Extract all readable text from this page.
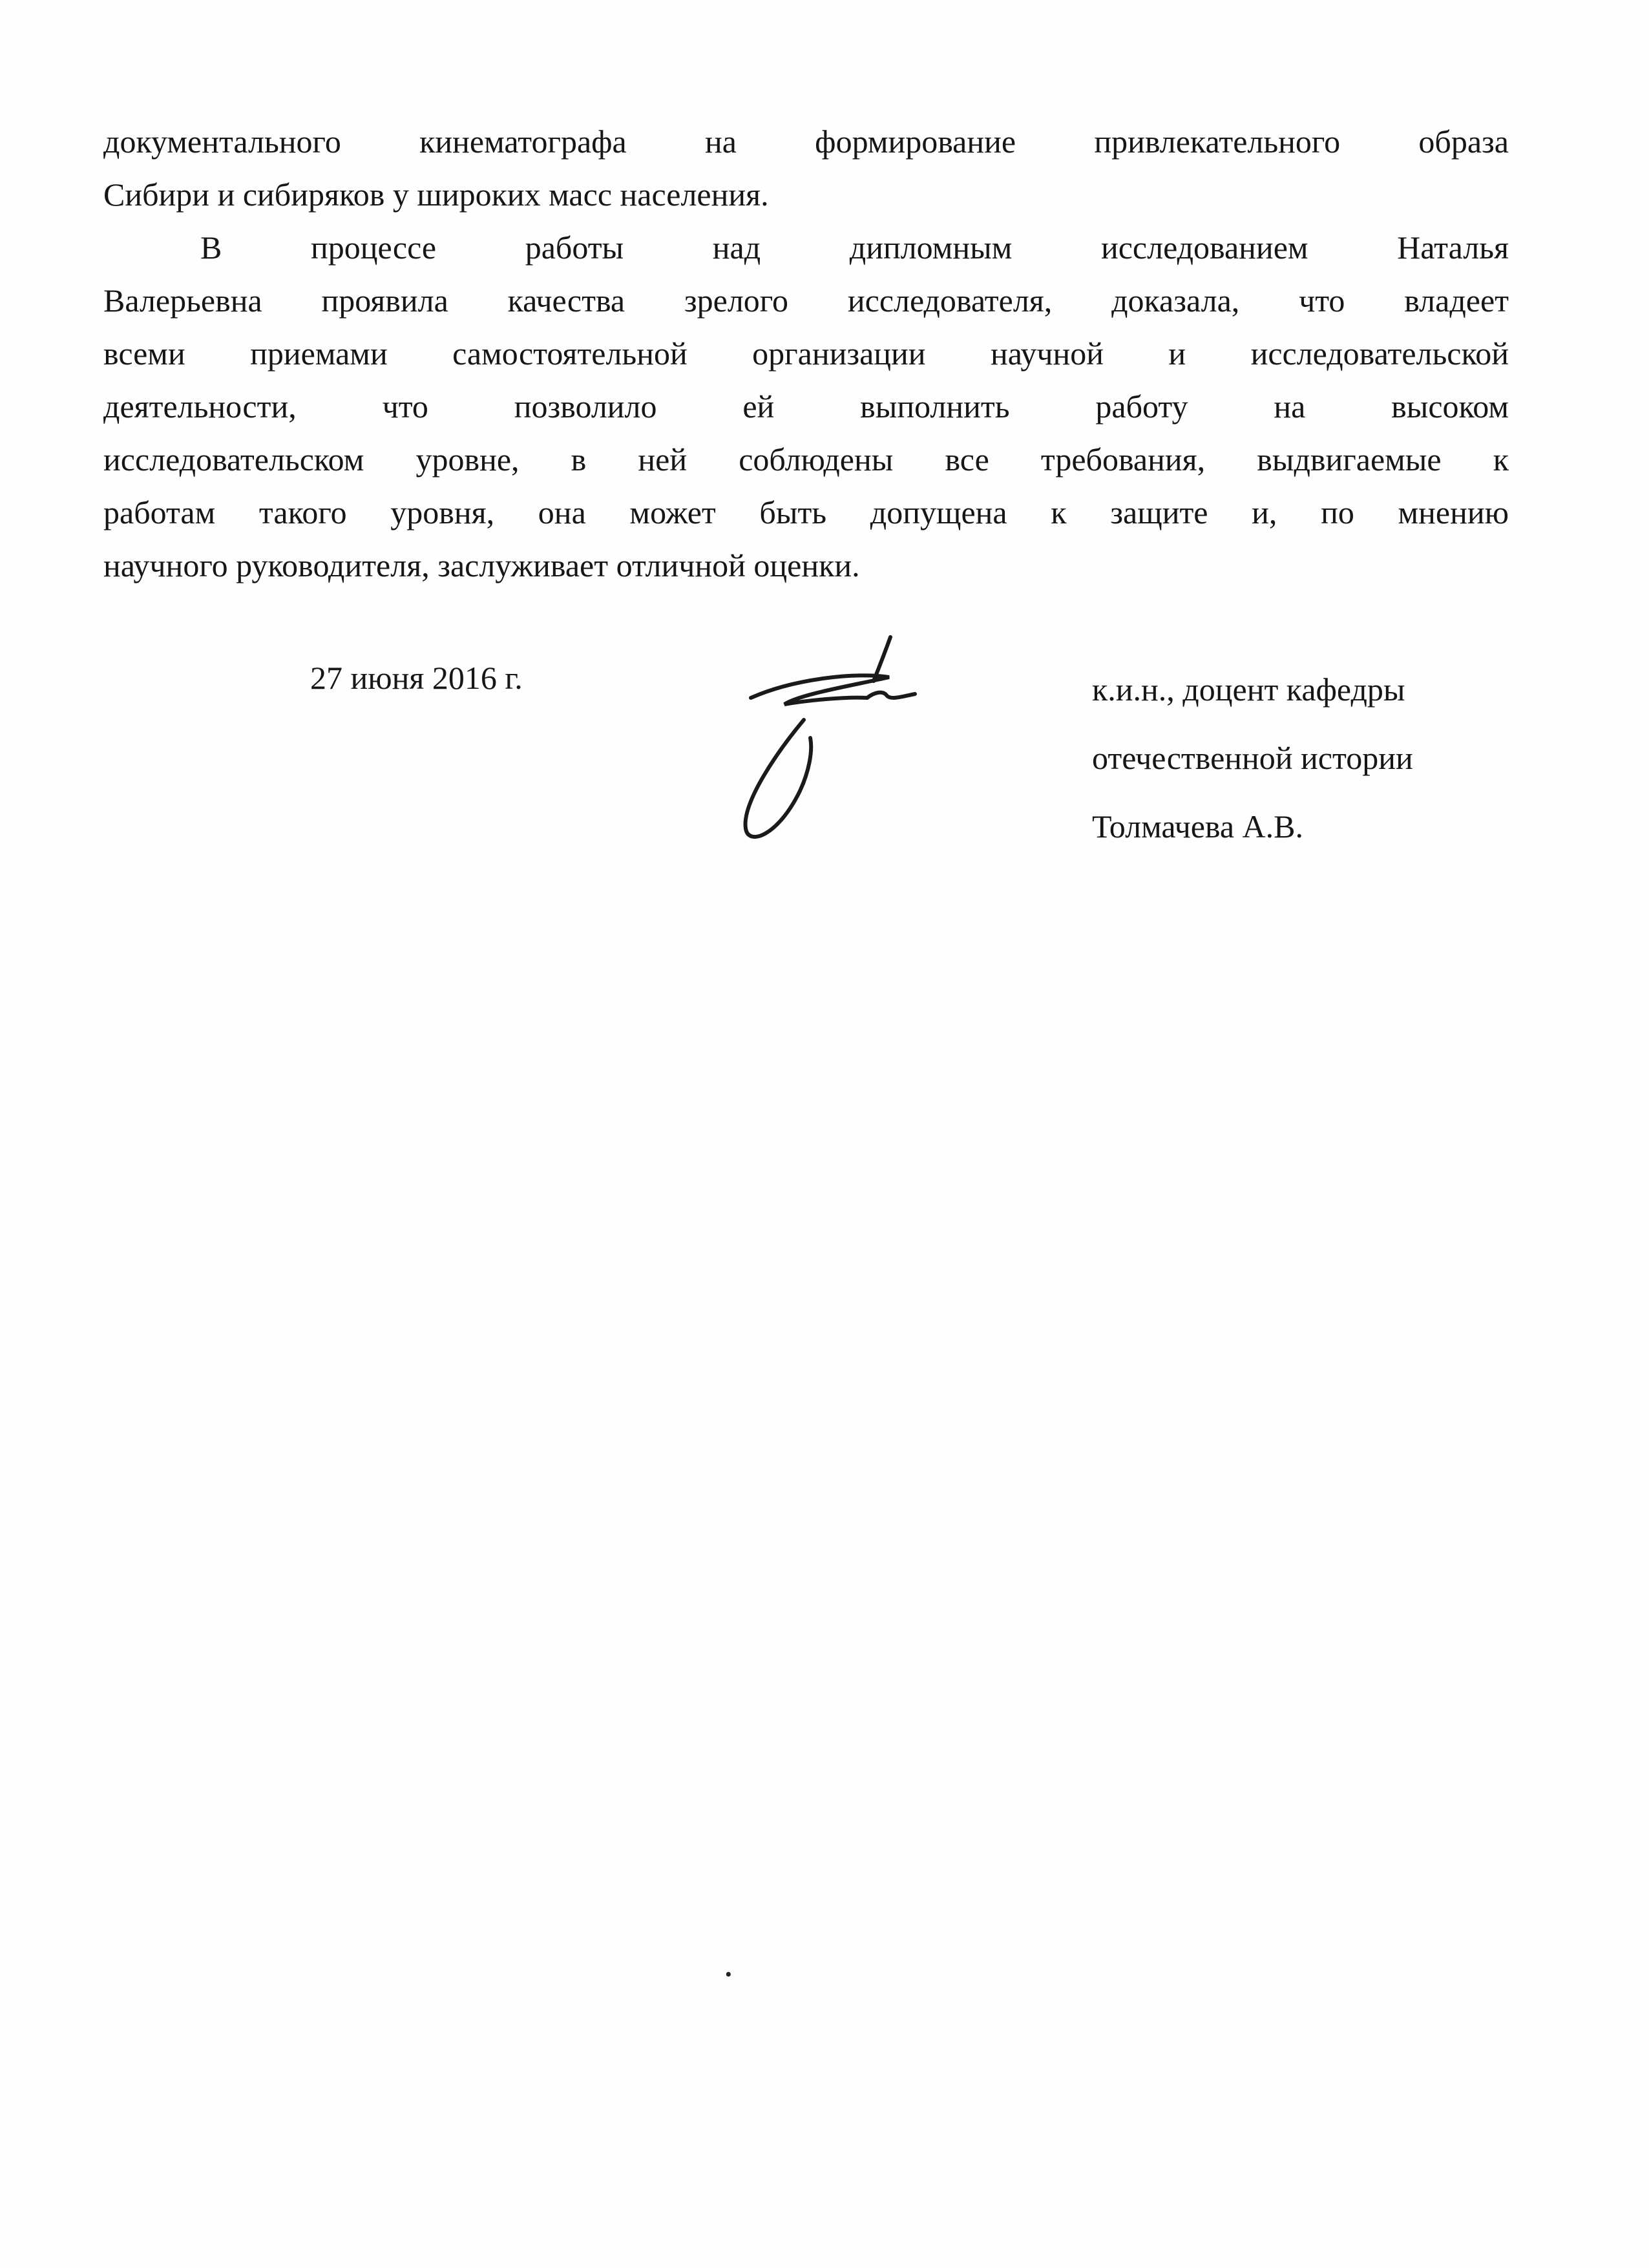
документального кинематографа на формирование привлекательного образа
Сибири и сибиряков у широких масс населения.
В процессе работы над дипломным исследованием Наталья
Валерьевна проявила качества зрелого исследователя, доказала, что владеет
всеми приемами самостоятельной организации научной и исследовательской
деятельности, что позволило ей выполнить работу на высоком
исследовательском уровне, в ней соблюдены все требования, выдвигаемые к
работам такого уровня, она может быть допущена к защите и, по мнению
научного руководителя, заслуживает отличной оценки.
27 июня 2016 г.	к.и.н., доцент кафедры
отечественной истории
Толмачева А.В.
·
